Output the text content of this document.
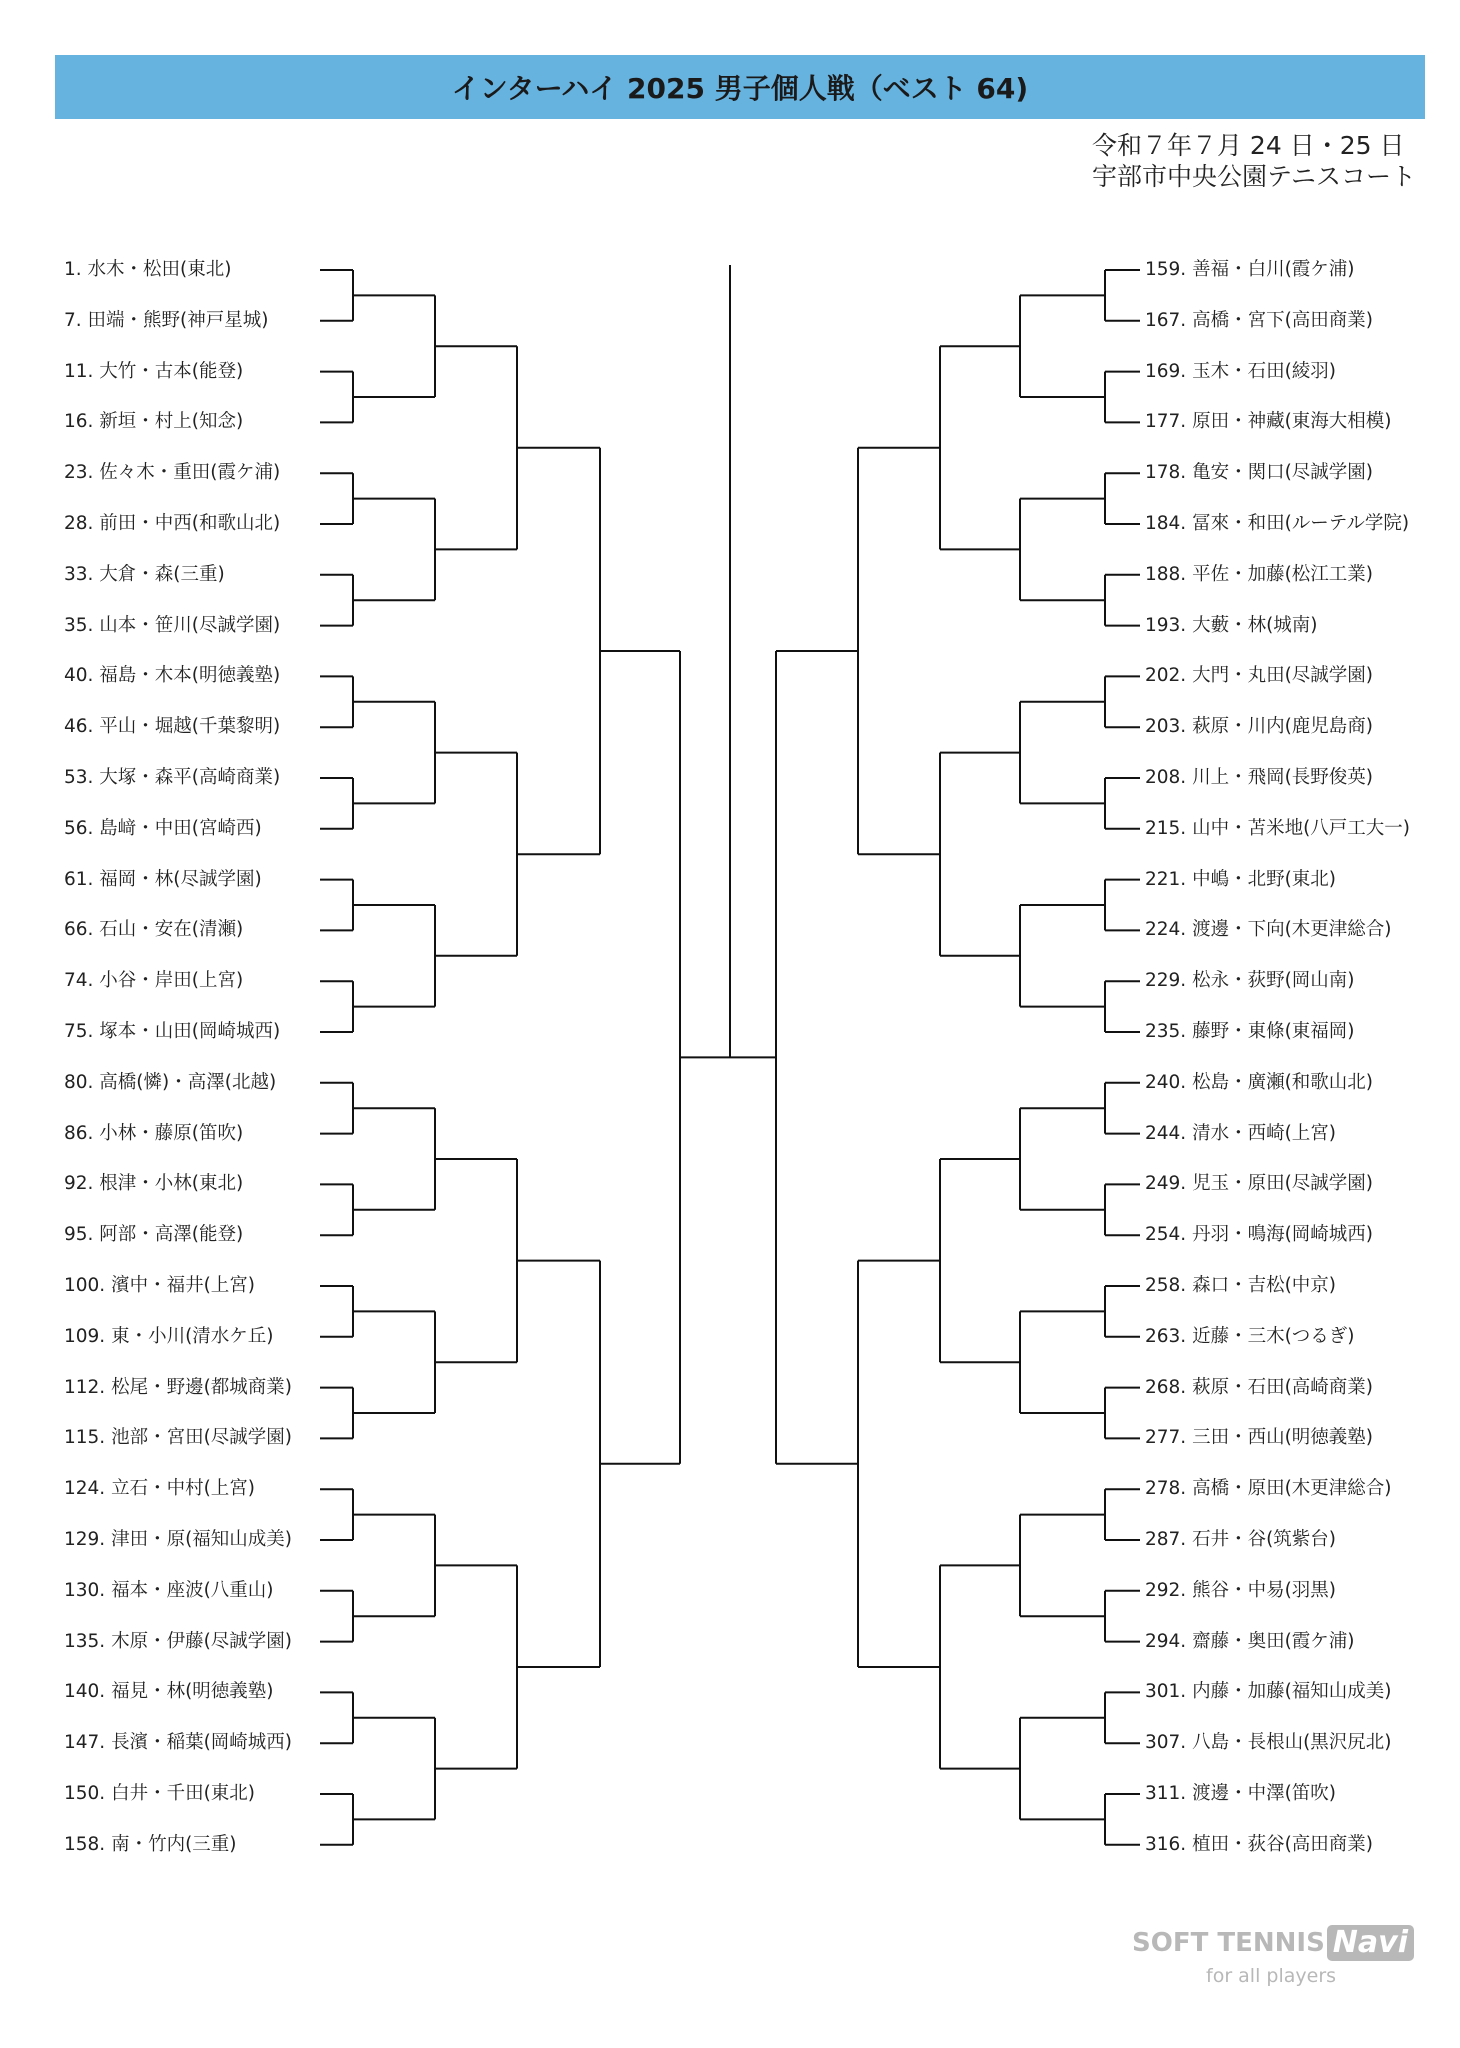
インターハイ 2025 男子個人戦（ベスト 64)
令和７年７月 24 日・25 日
宇部市中央公園テニスコート
1. 水木・松田(東北)
7. 田端・熊野(神戸星城)
11. 大竹・古本(能登)
16. 新垣・村上(知念)
23. 佐々木・重田(霞ケ浦)
28. 前田・中西(和歌山北)
33. 大倉・森(三重)
35. 山本・笹川(尽誠学園)
40. 福島・木本(明徳義塾)
46. 平山・堀越(千葉黎明)
53. 大塚・森平(高崎商業)
56. 島﨑・中田(宮崎西)
61. 福岡・林(尽誠学園)
66. 石山・安在(清瀬)
74. 小谷・岸田(上宮)
75. 塚本・山田(岡崎城西)
80. 高橋(憐)・高澤(北越)
86. 小林・藤原(笛吹)
92. 根津・小林(東北)
95. 阿部・高澤(能登)
100. 濱中・福井(上宮)
109. 東・小川(清水ケ丘)
112. 松尾・野邊(都城商業)
115. 池部・宮田(尽誠学園)
124. 立石・中村(上宮)
129. 津田・原(福知山成美)
130. 福本・座波(八重山)
135. 木原・伊藤(尽誠学園)
140. 福見・林(明徳義塾)
147. 長濱・稲葉(岡崎城西)
150. 白井・千田(東北)
158. 南・竹内(三重)
159. 善福・白川(霞ケ浦)
167. 高橋・宮下(高田商業)
169. 玉木・石田(綾羽)
177. 原田・神藏(東海大相模)
178. 亀安・関口(尽誠学園)
184. 冨來・和田(ルーテル学院)
188. 平佐・加藤(松江工業)
193. 大藪・林(城南)
202. 大門・丸田(尽誠学園)
203. 萩原・川内(鹿児島商)
208. 川上・飛岡(長野俊英)
215. 山中・苫米地(八戸工大一)
221. 中嶋・北野(東北)
224. 渡邊・下向(木更津総合)
229. 松永・荻野(岡山南)
235. 藤野・東條(東福岡)
240. 松島・廣瀬(和歌山北)
244. 清水・西崎(上宮)
249. 児玉・原田(尽誠学園)
254. 丹羽・鳴海(岡崎城西)
258. 森口・吉松(中京)
263. 近藤・三木(つるぎ)
268. 萩原・石田(高崎商業)
277. 三田・西山(明徳義塾)
278. 高橋・原田(木更津総合)
287. 石井・谷(筑紫台)
292. 熊谷・中易(羽黒)
294. 齋藤・奥田(霞ケ浦)
301. 内藤・加藤(福知山成美)
307. 八島・長根山(黒沢尻北)
311. 渡邊・中澤(笛吹)
316. 植田・荻谷(高田商業)
SOFT TENNIS Navi
for all players
